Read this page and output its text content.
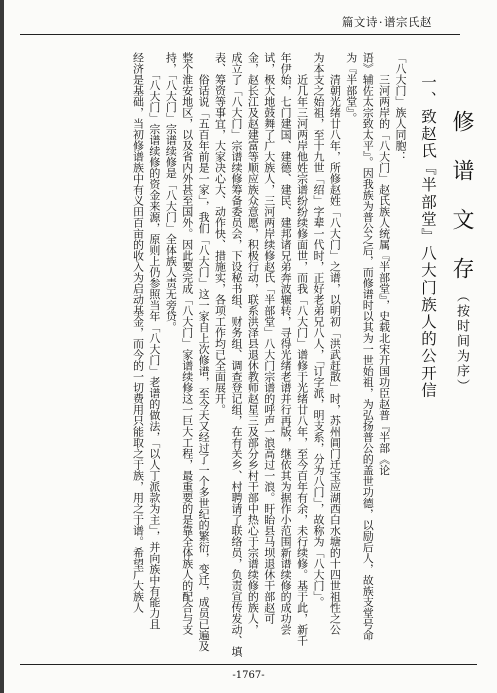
篇文诗·谱宗氏赵
修 谱 文 存（按时间为序）
一、致赵氏『半部堂』八大门族人的公开信
「八大门」族人同胞：
　　三河两岸的「八大门」赵氏族人统属『半部堂』，史载北宋开国功臣赵普『半部《论
语》辅佐太宗致太平』。因我族为普公之后，而修谱时以其为一世始祖，为弘扬普公的盖世功德，以励后人，故族支堂号命
为『半部堂』。
　　清朝光绪廿八年，所修赵姓「八大门」之谱，以明初「洪武赶散」时，苏州阊门迁宝应湖西白水塘的十四世祖性之公
为本支之始祖，至十九世「绍」字辈一代时，正好老弟兄八人，「订字派，明支系，分为八门」，故称为「八大门」。
　　近几年三河两岸他姓宗谱纷纷续修面世，而我「八大门」谱修于光绪廿八年，至今百年有余，未行续修。基于此，新千
年伊始，七门建国、建德、建民、建邦诸兄弟奔波辗转，寻得光绪老谱并行再版，继依其为据作小范围新谱续修的成功尝
试，极大地鼓舞了广大族人，三河两岸续修赵氏「半部堂」八大门宗谱的呼声一浪高过一浪。盱眙县马坝退休干部赵可
金，赵长江及赵建富等顺应族众意愿，积极行动，联系洪泽县退休教师赵星三及部分乡村干部中热心于宗谱续修的族人，
成立了「八大门」宗谱续修筹备委员会，下设秘书组、财务组、调查登记组，在有关乡、村聘请了联络员，负责宣传发动、填
表、筹资等事宜，大家决心大、动作快、措施实，各项工作均已全面展开。
　　俗话说「五百年前是一家」，我们「八大门」这一家自上次修谱，至今天又经过了一个多世纪的繁衍，变迁，成员已遍及
整个淮安地区，以及省内外甚至国外。因此要完成「八大门」家谱续修这一巨大工程，最重要的是靠全体族人的配合与支
持，「八大门」宗谱续修是「八大门」全体族人责无旁贷。
　　「八大门」宗谱续修的资金来源，原则上仍参照当年「八大门」老谱的做法，「以人丁派款为主」，并向族中有能力且
经济是基础，当初修谱族中有义田百亩的收入为启动基金，而今的一切费用只能取之于族，用之于谱。希望广大族人
-1767-
